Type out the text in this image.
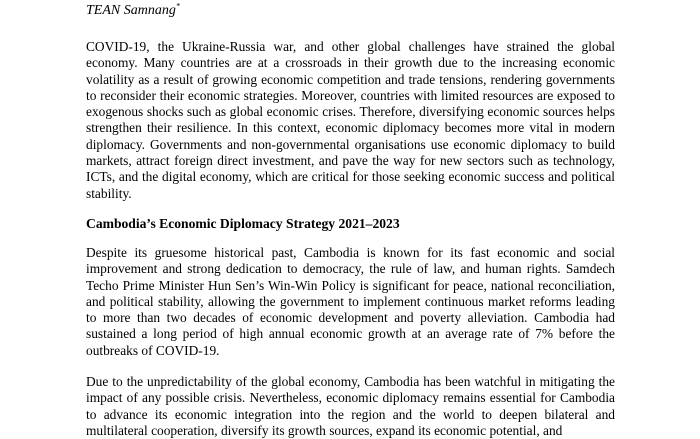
TEAN Samnang*

COVID-19, the Ukraine-Russia war, and other global challenges have strained the global economy. Many countries are at a crossroads in their growth due to the increasing economic volatility as a result of growing economic competition and trade tensions, rendering governments to reconsider their economic strategies. Moreover, countries with limited resources are exposed to exogenous shocks such as global economic crises. Therefore, diversifying economic sources helps strengthen their resilience. In this context, economic diplomacy becomes more vital in modern diplomacy. Governments and non-governmental organisations use economic diplomacy to build markets, attract foreign direct investment, and pave the way for new sectors such as technology, ICTs, and the digital economy, which are critical for those seeking economic success and political stability.

Cambodia’s Economic Diplomacy Strategy 2021–2023

Despite its gruesome historical past, Cambodia is known for its fast economic and social improvement and strong dedication to democracy, the rule of law, and human rights. Samdech Techo Prime Minister Hun Sen’s Win-Win Policy is significant for peace, national reconciliation, and political stability, allowing the government to implement continuous market reforms leading to more than two decades of economic development and poverty alleviation. Cambodia had sustained a long period of high annual economic growth at an average rate of 7% before the outbreaks of COVID-19.

Due to the unpredictability of the global economy, Cambodia has been watchful in mitigating the impact of any possible crisis. Nevertheless, economic diplomacy remains essential for Cambodia to advance its economic integration into the region and the world to deepen bilateral and multilateral cooperation, diversify its growth sources, expand its economic potential, and
